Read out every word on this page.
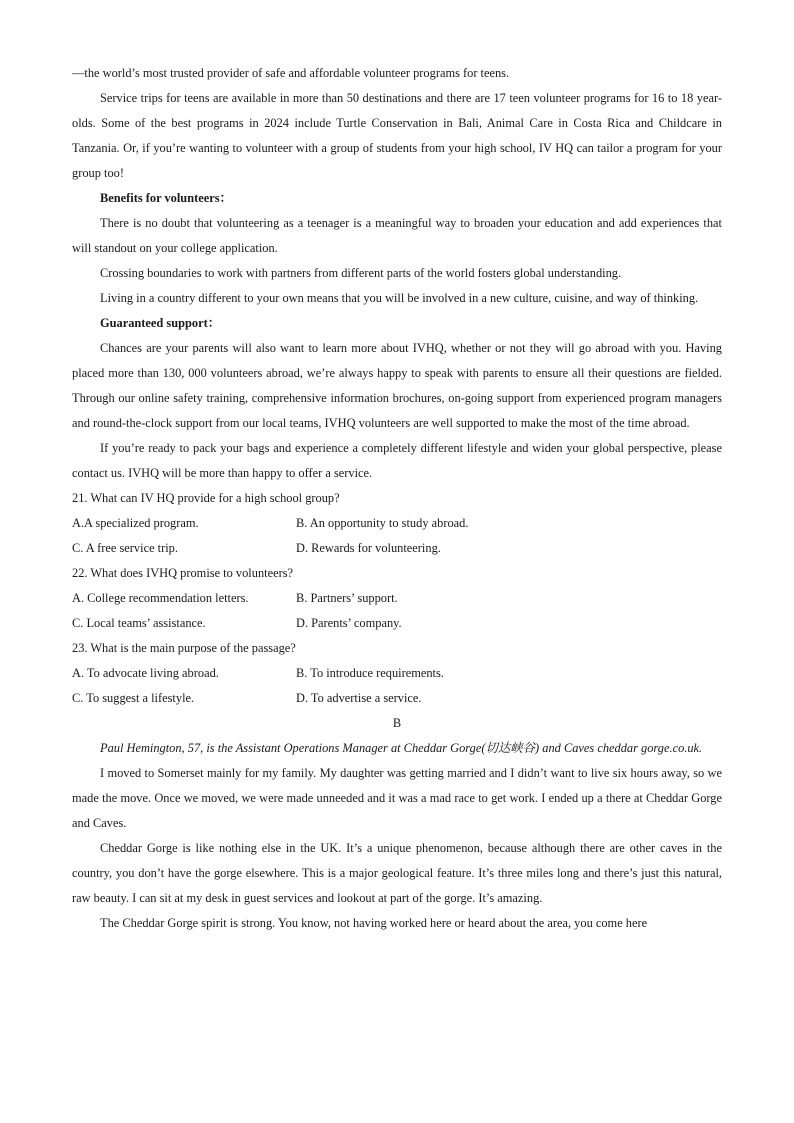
—the world’s most trusted provider of safe and affordable volunteer programs for teens.

Service trips for teens are available in more than 50 destinations and there are 17 teen volunteer programs for 16 to 18 year-olds. Some of the best programs in 2024 include Turtle Conservation in Bali, Animal Care in Costa Rica and Childcare in Tanzania. Or, if you’re wanting to volunteer with a group of students from your high school, IV HQ can tailor a program for your group too!

Benefits for volunteers：

There is no doubt that volunteering as a teenager is a meaningful way to broaden your education and add experiences that will standout on your college application.

Crossing boundaries to work with partners from different parts of the world fosters global understanding.

Living in a country different to your own means that you will be involved in a new culture, cuisine, and way of thinking.

Guaranteed support：

Chances are your parents will also want to learn more about IVHQ, whether or not they will go abroad with you. Having placed more than 130, 000 volunteers abroad, we’re always happy to speak with parents to ensure all their questions are fielded. Through our online safety training, comprehensive information brochures, on-going support from experienced program managers and round-the-clock support from our local teams, IVHQ volunteers are well supported to make the most of the time abroad.

If you’re ready to pack your bags and experience a completely different lifestyle and widen your global perspective, please contact us. IVHQ will be more than happy to offer a service.

21. What can IV HQ provide for a high school group?

A.A specialized program.	B. An opportunity to study abroad.
C. A free service trip.	D. Rewards for volunteering.

22. What does IVHQ promise to volunteers?

A. College recommendation letters.	B. Partners’ support.
C. Local teams’ assistance.	D. Parents’ company.

23. What is the main purpose of the passage?

A. To advocate living abroad.	B. To introduce requirements.
C. To suggest a lifestyle.	D. To advertise a service.

B

Paul Hemington, 57, is the Assistant Operations Manager at Cheddar Gorge(切达峡谷) and Caves cheddar gorge.co.uk.

I moved to Somerset mainly for my family. My daughter was getting married and I didn’t want to live six hours away, so we made the move. Once we moved, we were made unneeded and it was a mad race to get work. I ended up a there at Cheddar Gorge and Caves.

Cheddar Gorge is like nothing else in the UK. It’s a unique phenomenon, because although there are other caves in the country, you don’t have the gorge elsewhere. This is a major geological feature. It’s three miles long and there’s just this natural, raw beauty. I can sit at my desk in guest services and lookout at part of the gorge. It’s amazing.

The Cheddar Gorge spirit is strong. You know, not having worked here or heard about the area, you come here
